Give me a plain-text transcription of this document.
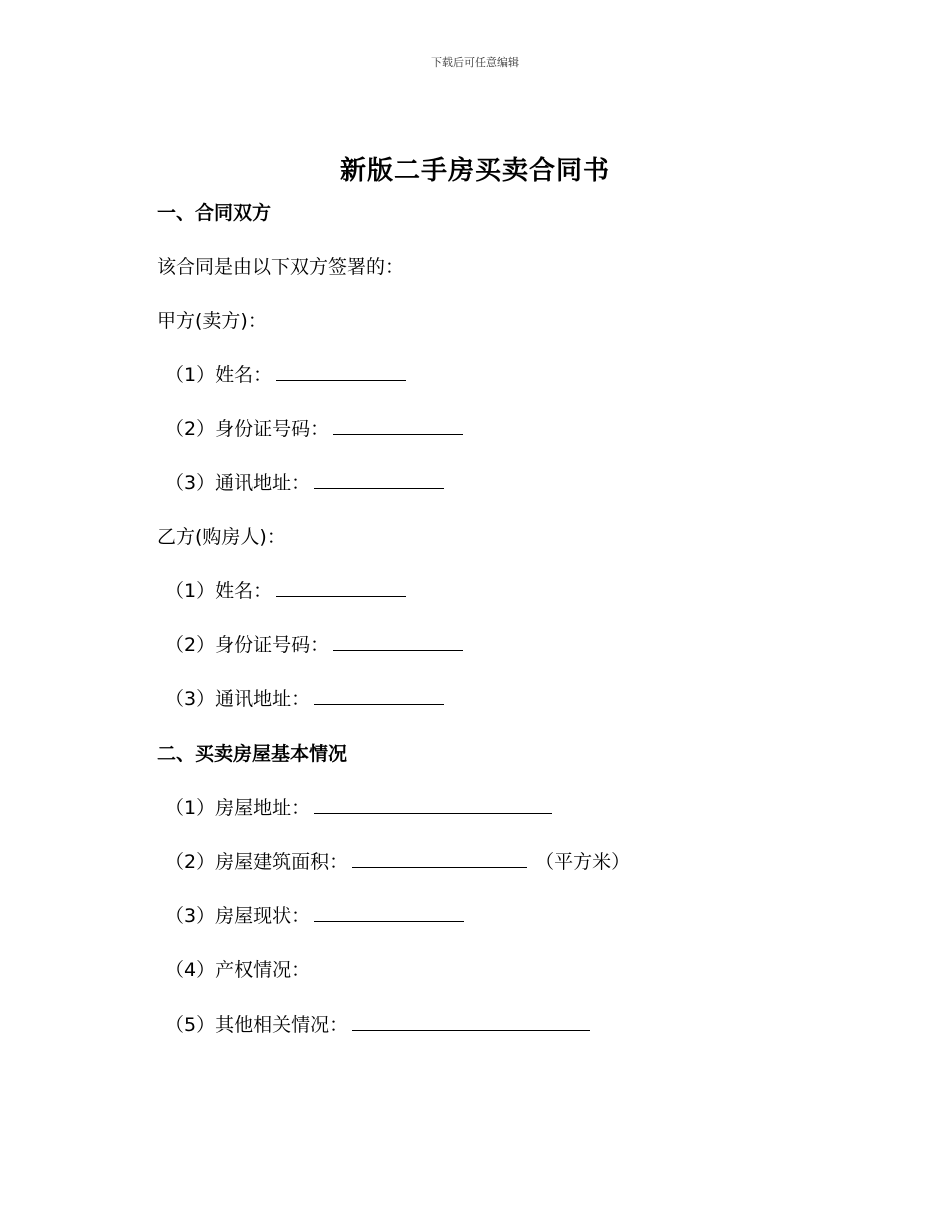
下载后可任意编辑
新版二手房买卖合同书
一、合同双方
该合同是由以下双方签署的：
甲方(卖方)：
（1）姓名：
（2）身份证号码：
（3）通讯地址：
乙方(购房人)：
（1）姓名：
（2）身份证号码：
（3）通讯地址：
二、买卖房屋基本情况
（1）房屋地址：
（2）房屋建筑面积：	（平方米）
（3）房屋现状：
（4）产权情况：
（5）其他相关情况：
